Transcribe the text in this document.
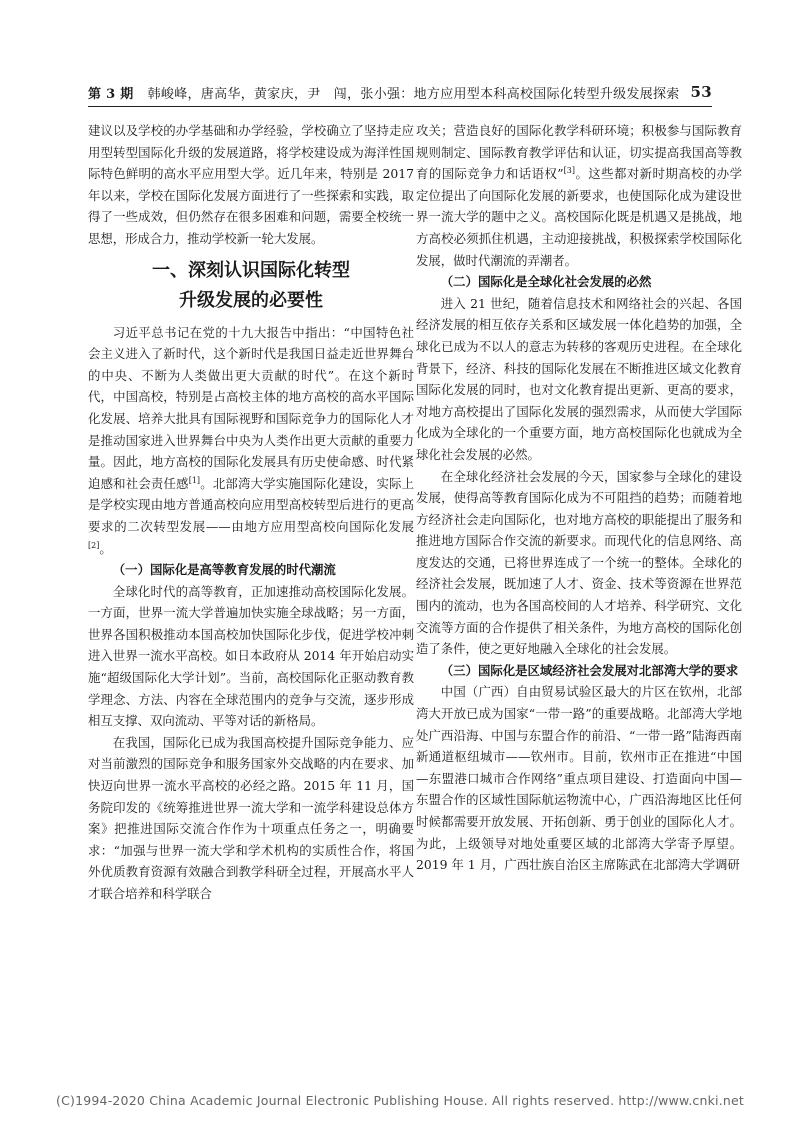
第 3 期 韩峻峰，唐高华，黄家庆，尹　闯，张小强：地方应用型本科高校国际化转型升级发展探索 53

建议以及学校的办学基础和办学经验，学校确立了坚持走应用型转型国际化升级的发展道路，将学校建设成为海洋性国际特色鲜明的高水平应用型大学。近几年来，特别是 2017 年以来，学校在国际化发展方面进行了一些探索和实践，取得了一些成效，但仍然存在很多困难和问题，需要全校统一思想，形成合力，推动学校新一轮大发展。

一、深刻认识国际化转型
升级发展的必要性

习近平总书记在党的十九大报告中指出：“中国特色社会主义进入了新时代，这个新时代是我国日益走近世界舞台的中央、不断为人类做出更大贡献的时代”。在这个新时代，中国高校，特别是占高校主体的地方高校的高水平国际化发展、培养大批具有国际视野和国际竞争力的国际化人才是推动国家进入世界舞台中央为人类作出更大贡献的重要力量。因此，地方高校的国际化发展具有历史使命感、时代紧迫感和社会责任感[1]。北部湾大学实施国际化建设，实际上是学校实现由地方普通高校向应用型高校转型后进行的更高要求的二次转型发展——由地方应用型高校向国际化发展[2]。

（一）国际化是高等教育发展的时代潮流

全球化时代的高等教育，正加速推动高校国际化发展。一方面，世界一流大学普遍加快实施全球战略；另一方面，世界各国积极推动本国高校加快国际化步伐，促进学校冲刺进入世界一流水平高校。如日本政府从 2014 年开始启动实施“超级国际化大学计划”。当前，高校国际化正驱动教育教学理念、方法、内容在全球范围内的竞争与交流，逐步形成相互支撑、双向流动、平等对话的新格局。

在我国，国际化已成为我国高校提升国际竞争能力、应对当前激烈的国际竞争和服务国家外交战略的内在要求、加快迈向世界一流水平高校的必经之路。2015 年 11 月，国务院印发的《统筹推进世界一流大学和一流学科建设总体方案》把推进国际交流合作作为十项重点任务之一，明确要求：“加强与世界一流大学和学术机构的实质性合作，将国外优质教育资源有效融合到教学科研全过程，开展高水平人才联合培养和科学联合

攻关；营造良好的国际化教学科研环境；积极参与国际教育规则制定、国际教育教学评估和认证，切实提高我国高等教育的国际竞争力和话语权”[3]。这些都对新时期高校的办学定位提出了向国际化发展的新要求，也使国际化成为建设世界一流大学的题中之义。高校国际化既是机遇又是挑战，地方高校必须抓住机遇，主动迎接挑战，积极探索学校国际化发展，做时代潮流的弄潮者。

（二）国际化是全球化社会发展的必然

进入 21 世纪，随着信息技术和网络社会的兴起、各国经济发展的相互依存关系和区域发展一体化趋势的加强，全球化已成为不以人的意志为转移的客观历史进程。在全球化背景下，经济、科技的国际化发展在不断推进区域文化教育国际化发展的同时，也对文化教育提出更新、更高的要求，对地方高校提出了国际化发展的强烈需求，从而使大学国际化成为全球化的一个重要方面，地方高校国际化也就成为全球化社会发展的必然。

在全球化经济社会发展的今天，国家参与全球化的建设发展，使得高等教育国际化成为不可阻挡的趋势；而随着地方经济社会走向国际化，也对地方高校的职能提出了服务和推进地方国际合作交流的新要求。而现代化的信息网络、高度发达的交通，已将世界连成了一个统一的整体。全球化的经济社会发展，既加速了人才、资金、技术等资源在世界范围内的流动，也为各国高校间的人才培养、科学研究、文化交流等方面的合作提供了相关条件，为地方高校的国际化创造了条件，使之更好地融入全球化的社会发展。

（三）国际化是区域经济社会发展对北部湾大学的要求

中国（广西）自由贸易试验区最大的片区在钦州，北部湾大开放已成为国家“一带一路”的重要战略。北部湾大学地处广西沿海、中国与东盟合作的前沿、“一带一路”陆海西南新通道枢纽城市——钦州市。目前，钦州市正在推进“中国—东盟港口城市合作网络”重点项目建设、打造面向中国—东盟合作的区域性国际航运物流中心，广西沿海地区比任何时候都需要开放发展、开拓创新、勇于创业的国际化人才。为此，上级领导对地处重要区域的北部湾大学寄予厚望。2019 年 1 月，广西壮族自治区主席陈武在北部湾大学调研

(C)1994-2020 China Academic Journal Electronic Publishing House. All rights reserved. http://www.cnki.net
